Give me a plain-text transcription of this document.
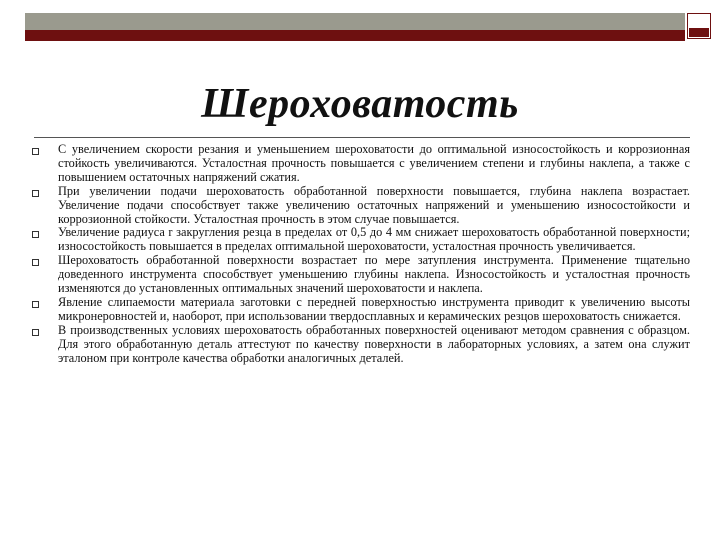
Шероховатость
С увеличением скорости резания и уменьшением шероховатости до оптимальной износостойкость и коррозионная стойкость увеличиваются. Усталостная прочность повышается с увеличением степени и глубины наклепа, а также с повышением остаточных напряжений сжатия.
При увеличении подачи шероховатость обработанной поверхности повышается, глубина наклепа возрастает. Увеличение подачи способствует также увеличению остаточных напряжений и уменьшению износостойкости и коррозионной стойкости. Усталостная прочность в этом случае повышается.
Увеличение радиуса r закругления резца в пределах от 0,5 до 4 мм снижает шероховатость обработанной поверхности; износостойкость повышается в пределах оптимальной шероховатости, усталостная прочность увеличивается.
Шероховатость обработанной поверхности возрастает по мере затупления инструмента. Применение тщательно доведенного инструмента способствует уменьшению глубины наклепа. Износостойкость и усталостная прочность изменяются до установленных оптимальных значений шероховатости и наклепа.
Явление слипаемости материала заготовки с передней поверхностью инструмента приводит к увеличению высоты микронеровностей и, наоборот, при использовании твердосплавных и керамических резцов шероховатость снижается.
В производственных условиях шероховатость обработанных поверхностей оценивают методом сравнения с образцом. Для этого обработанную деталь аттестуют по качеству поверхности в лабораторных условиях, а затем она служит эталоном при контроле качества обработки аналогичных деталей.
